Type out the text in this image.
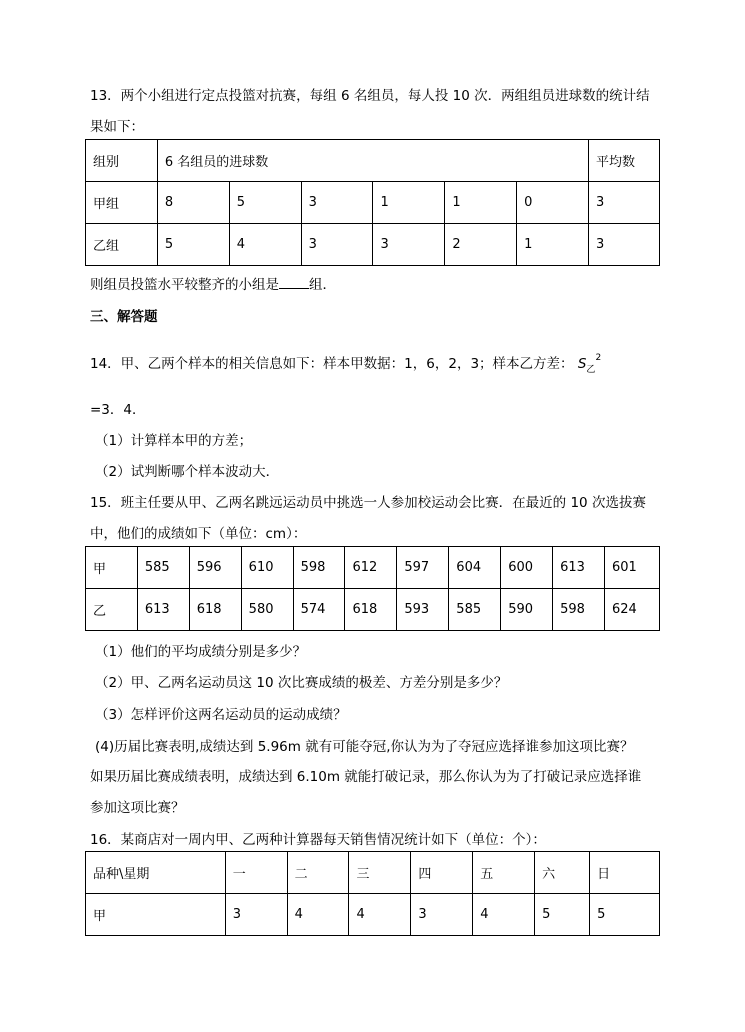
13．两个小组进行定点投篮对抗赛，每组 6 名组员，每人投 10 次．两组组员进球数的统计结
果如下：
组别	6 名组员的进球数						平均数
甲组	8	5	3	1	1	0	3
乙组	5	4	3	3	2	1	3
则组员投篮水平较整齐的小组是 组．
三、解答题
14．甲、乙两个样本的相关信息如下：样本甲数据：1，6，2，3；样本乙方差： $S_乙^2$
=3．4．
（1）计算样本甲的方差；
（2）试判断哪个样本波动大．
15．班主任要从甲、乙两名跳远运动员中挑选一人参加校运动会比赛．在最近的 10 次选拔赛
中，他们的成绩如下（单位：cm）：
甲	585	596	610	598	612	597	604	600	613	601
乙	613	618	580	574	618	593	585	590	598	624
（1）他们的平均成绩分别是多少？
（2）甲、乙两名运动员这 10 次比赛成绩的极差、方差分别是多少？
（3）怎样评价这两名运动员的运动成绩？
(4)历届比赛表明,成绩达到 5.96m 就有可能夺冠,你认为为了夺冠应选择谁参加这项比赛？
如果历届比赛成绩表明，成绩达到 6.10m 就能打破记录，那么你认为为了打破记录应选择谁
参加这项比赛？
16．某商店对一周内甲、乙两种计算器每天销售情况统计如下（单位：个）：
品种\星期	一	二	三	四	五	六	日
甲	3	4	4	3	4	5	5
